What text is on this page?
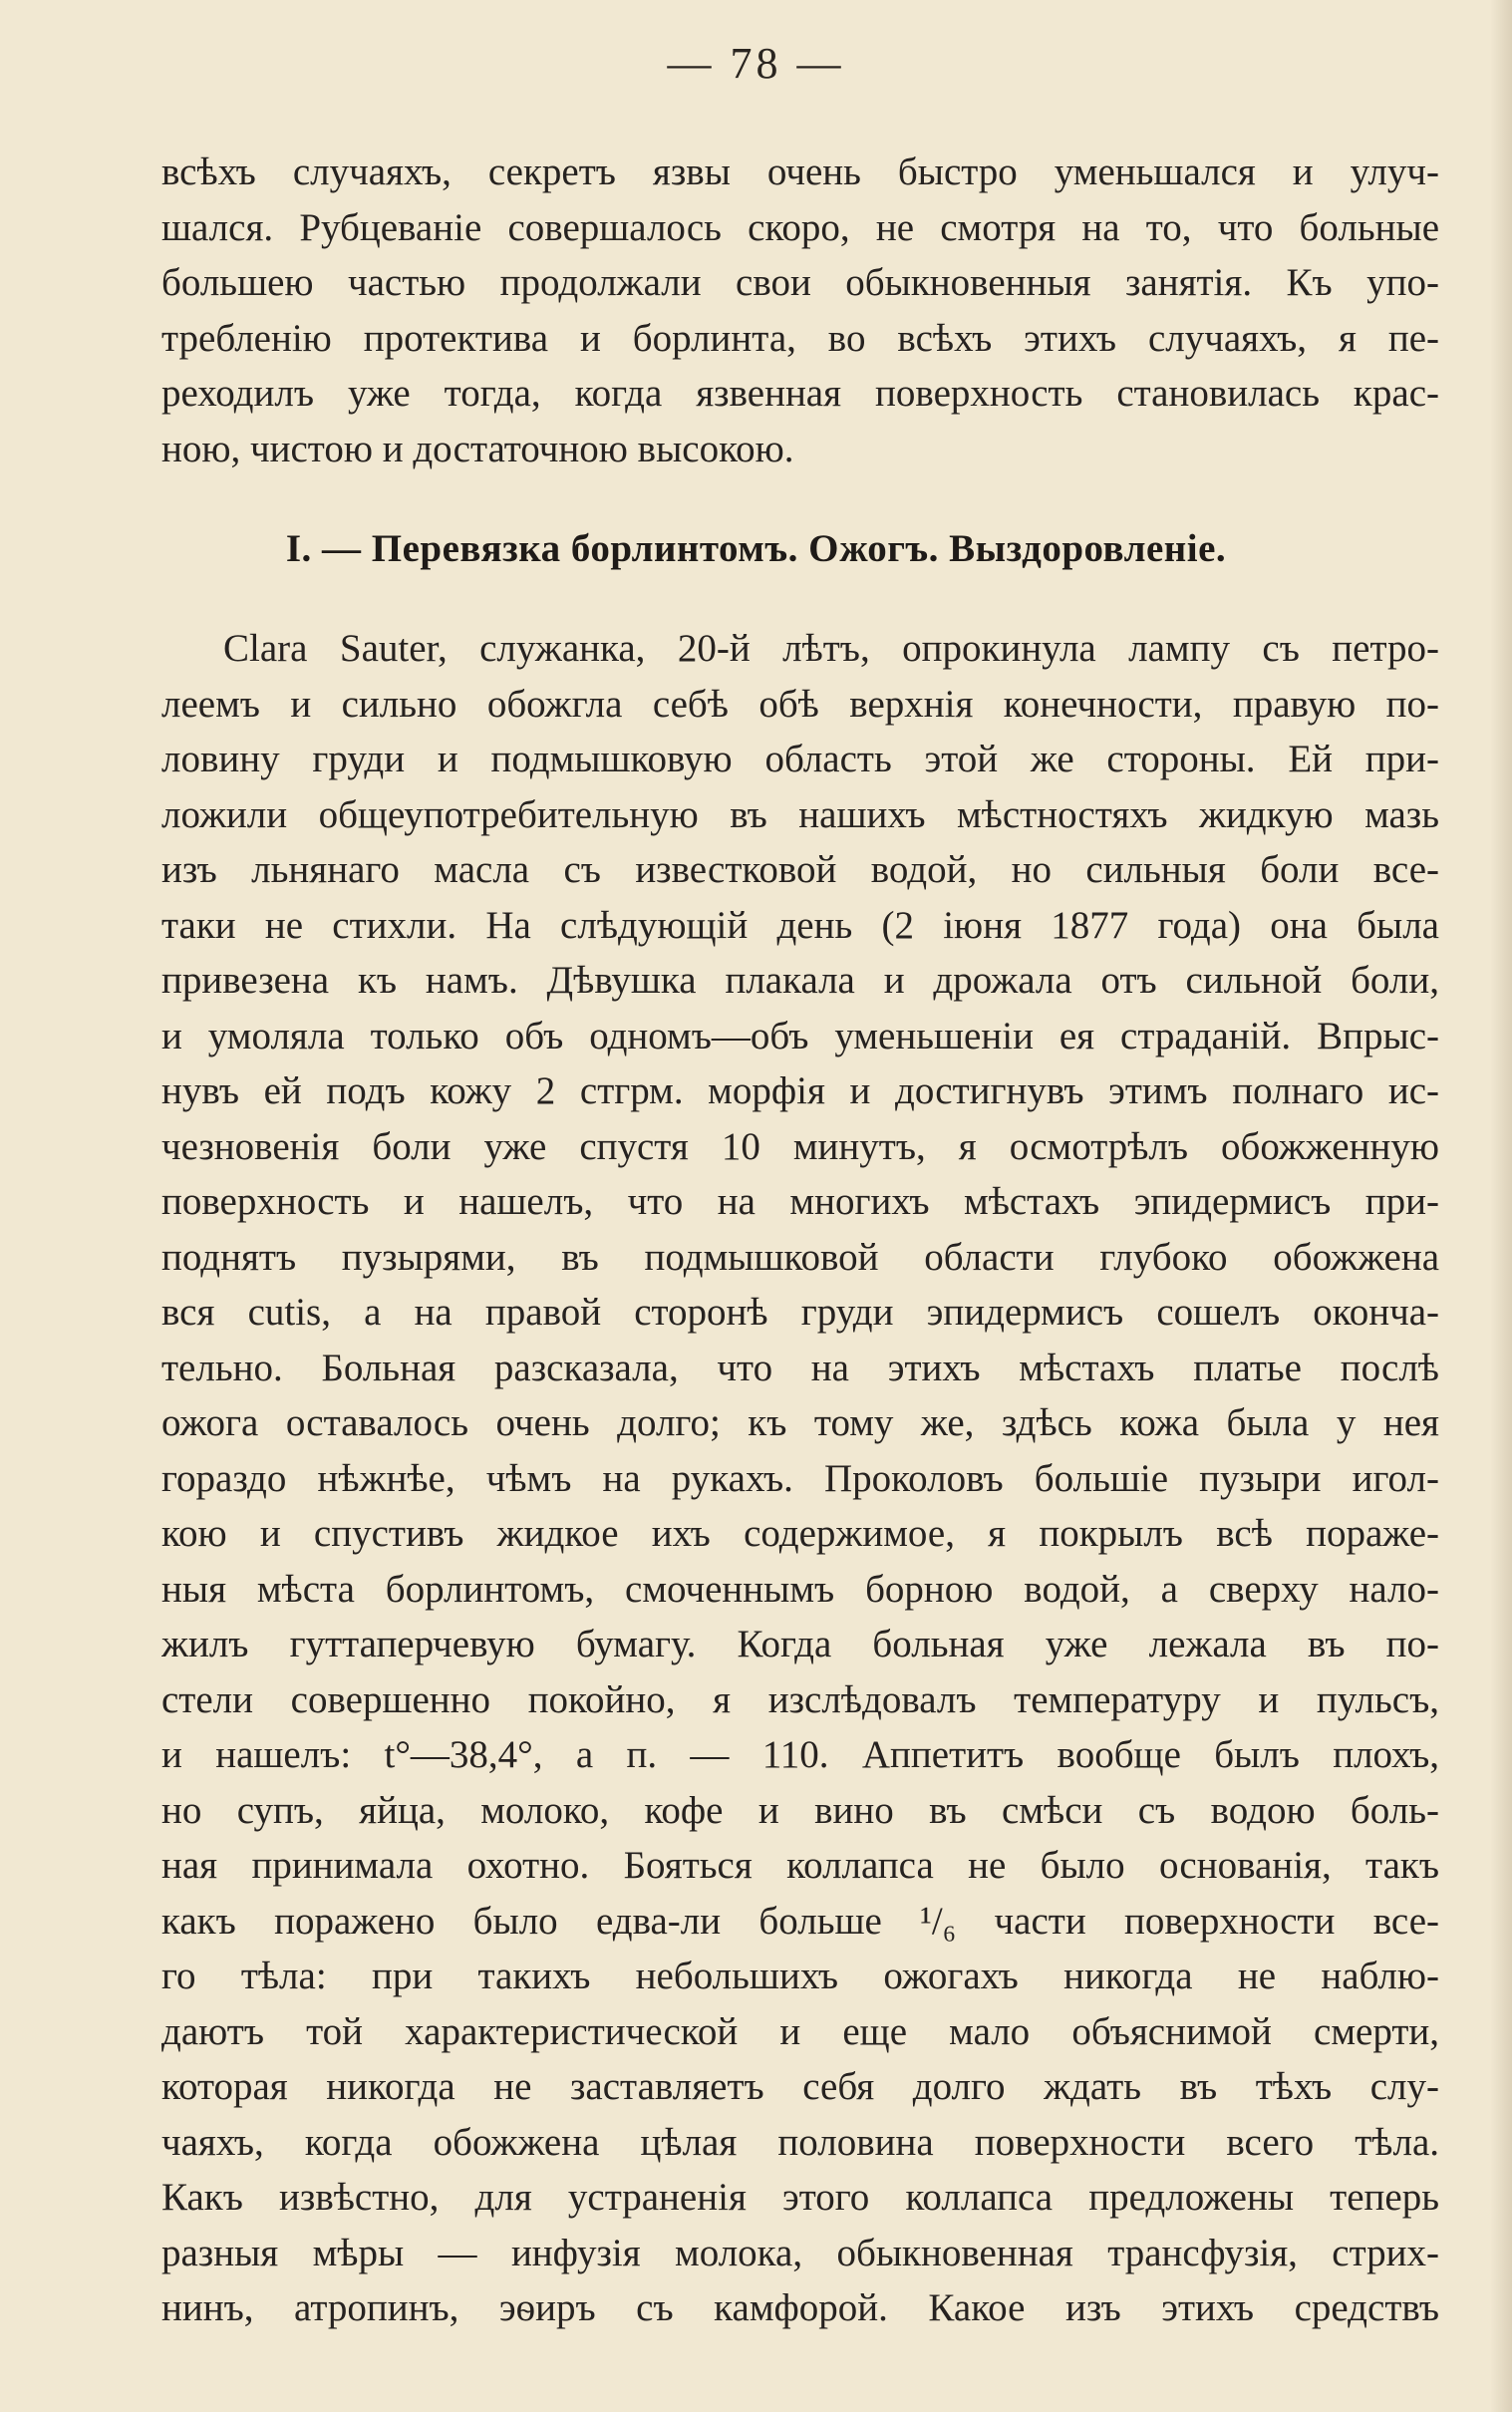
— 78 —

всѣхъ случаяхъ, секретъ язвы очень быстро уменьшался и улуч-
шался. Рубцеваніе совершалось скоро, не смотря на то, что больные
большею частью продолжали свои обыкновенныя занятія. Къ упо-
требленію протектива и борлинта, во всѣхъ этихъ случаяхъ, я пе-
реходилъ уже тогда, когда язвенная поверхность становилась крас-
ною, чистою и достаточною высокою.
I. — Перевязка борлинтомъ. Ожогъ. Выздоровленіе.
Clara Sauter, служанка, 20-й лѣтъ, опрокинула лампу съ петро-
леемъ и сильно обожгла себѣ обѣ верхнія конечности, правую по-
ловину груди и подмышковую область этой же стороны. Ей при-
ложили общеупотребительную въ нашихъ мѣстностяхъ жидкую мазь
изъ льнянаго масла съ известковой водой, но сильныя боли все-
таки не стихли. На слѣдующій день (2 іюня 1877 года) она была
привезена къ намъ. Дѣвушка плакала и дрожала отъ сильной боли,
и умоляла только объ одномъ—объ уменьшеніи ея страданій. Впрыс-
нувъ ей подъ кожу 2 стгрм. морфія и достигнувъ этимъ полнаго ис-
чезновенія боли уже спустя 10 минутъ, я осмотрѣлъ обожженную
поверхность и нашелъ, что на многихъ мѣстахъ эпидермисъ при-
поднятъ пузырями, въ подмышковой области глубоко обожжена
вся cutis, а на правой сторонѣ груди эпидермисъ сошелъ оконча-
тельно. Больная разсказала, что на этихъ мѣстахъ платье послѣ
ожога оставалось очень долго; къ тому же, здѣсь кожа была у нея
гораздо нѣжнѣе, чѣмъ на рукахъ. Проколовъ большіе пузыри игол-
кою и спустивъ жидкое ихъ содержимое, я покрылъ всѣ пораже-
ныя мѣста борлинтомъ, смоченнымъ борною водой, а сверху нало-
жилъ гуттаперчевую бумагу. Когда больная уже лежала въ по-
стели совершенно покойно, я изслѣдовалъ температуру и пульсъ,
и нашелъ: t°—38,4°, а п. — 110. Аппетитъ вообще былъ плохъ,
но супъ, яйца, молоко, кофе и вино въ смѣси съ водою боль-
ная принимала охотно. Бояться коллапса не было основанія, такъ
какъ поражено было едва-ли больше ¹/₆ части поверхности все-
го тѣла: при такихъ небольшихъ ожогахъ никогда не наблю-
даютъ той характеристической и еще мало объяснимой смерти,
которая никогда не заставляетъ себя долго ждать въ тѣхъ слу-
чаяхъ, когда обожжена цѣлая половина поверхности всего тѣла.
Какъ извѣстно, для устраненія этого коллапса предложены теперь
разныя мѣры — инфузія молока, обыкновенная трансфузія, стрих-
нинъ, атропинъ, эѳиръ съ камфорой. Какое изъ этихъ средствъ
